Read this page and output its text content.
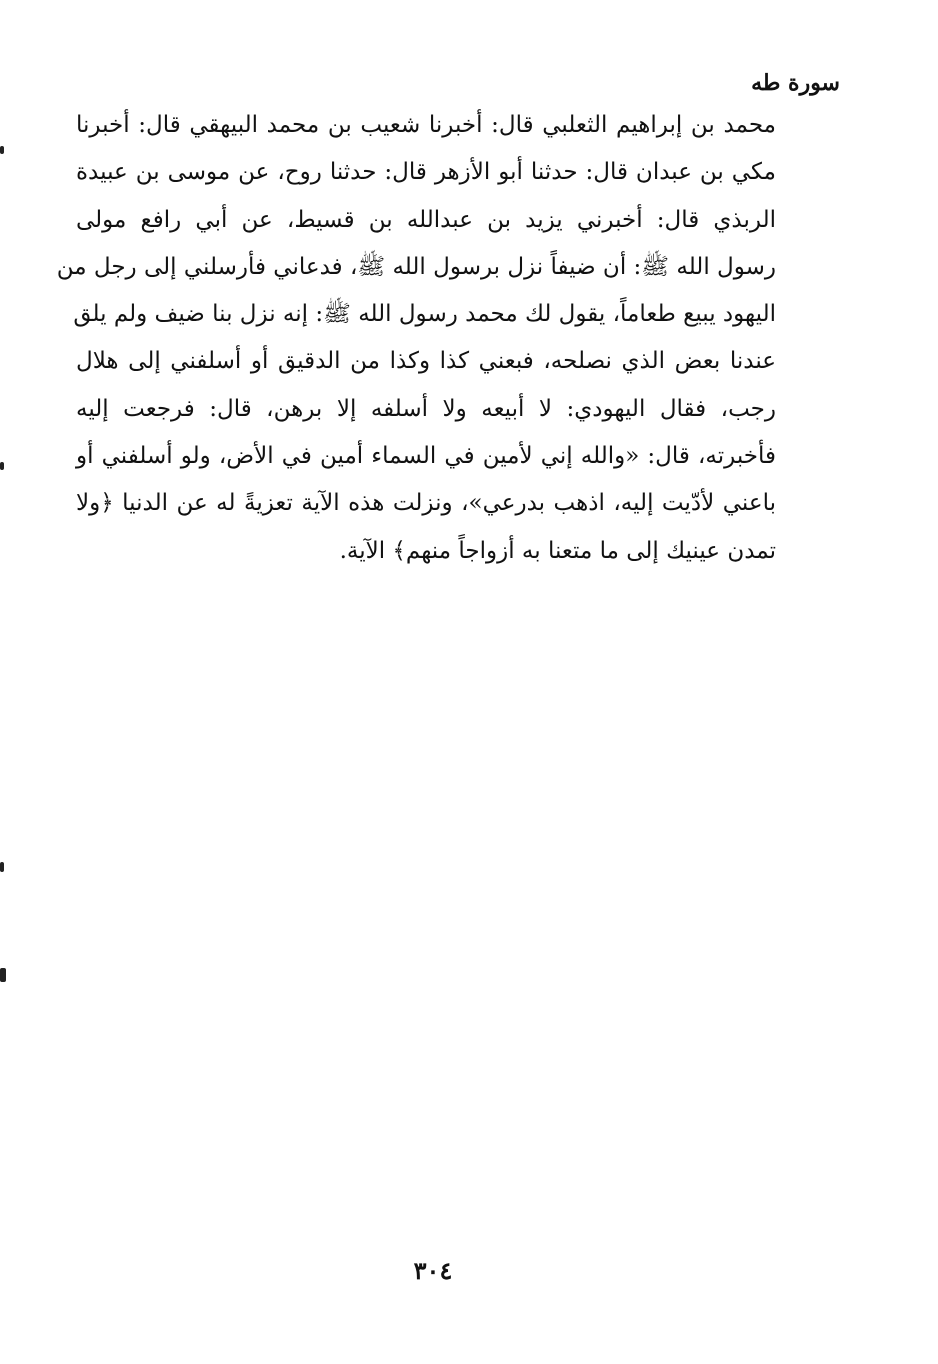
سورة طه
محمد بن إبراهيم الثعلبي قال: أخبرنا شعيب بن محمد البيهقي قال: أخبرنا
مكي بن عبدان قال: حدثنا أبو الأزهر قال: حدثنا روح، عن موسى بن عبيدة
الربذي قال: أخبرني يزيد بن عبدالله بن قسيط، عن أبي رافع مولى
رسول الله ﷺ: أن ضيفاً نزل برسول الله ﷺ، فدعاني فأرسلني إلى رجل من
اليهود يبيع طعاماً، يقول لك محمد رسول الله ﷺ: إنه نزل بنا ضيف ولم يلق
عندنا بعض الذي نصلحه، فبعني كذا وكذا من الدقيق أو أسلفني إلى هلال
رجب، فقال اليهودي: لا أبيعه ولا أسلفه إلا برهن، قال: فرجعت إليه
فأخبرته، قال: «والله إني لأمين في السماء أمين في الأض، ولو أسلفني أو
باعني لأدّيت إليه، اذهب بدرعي»، ونزلت هذه الآية تعزيةً له عن الدنيا ﴿ولا
تمدن عينيك إلى ما متعنا به أزواجاً منهم﴾ الآية.
٣٠٤
